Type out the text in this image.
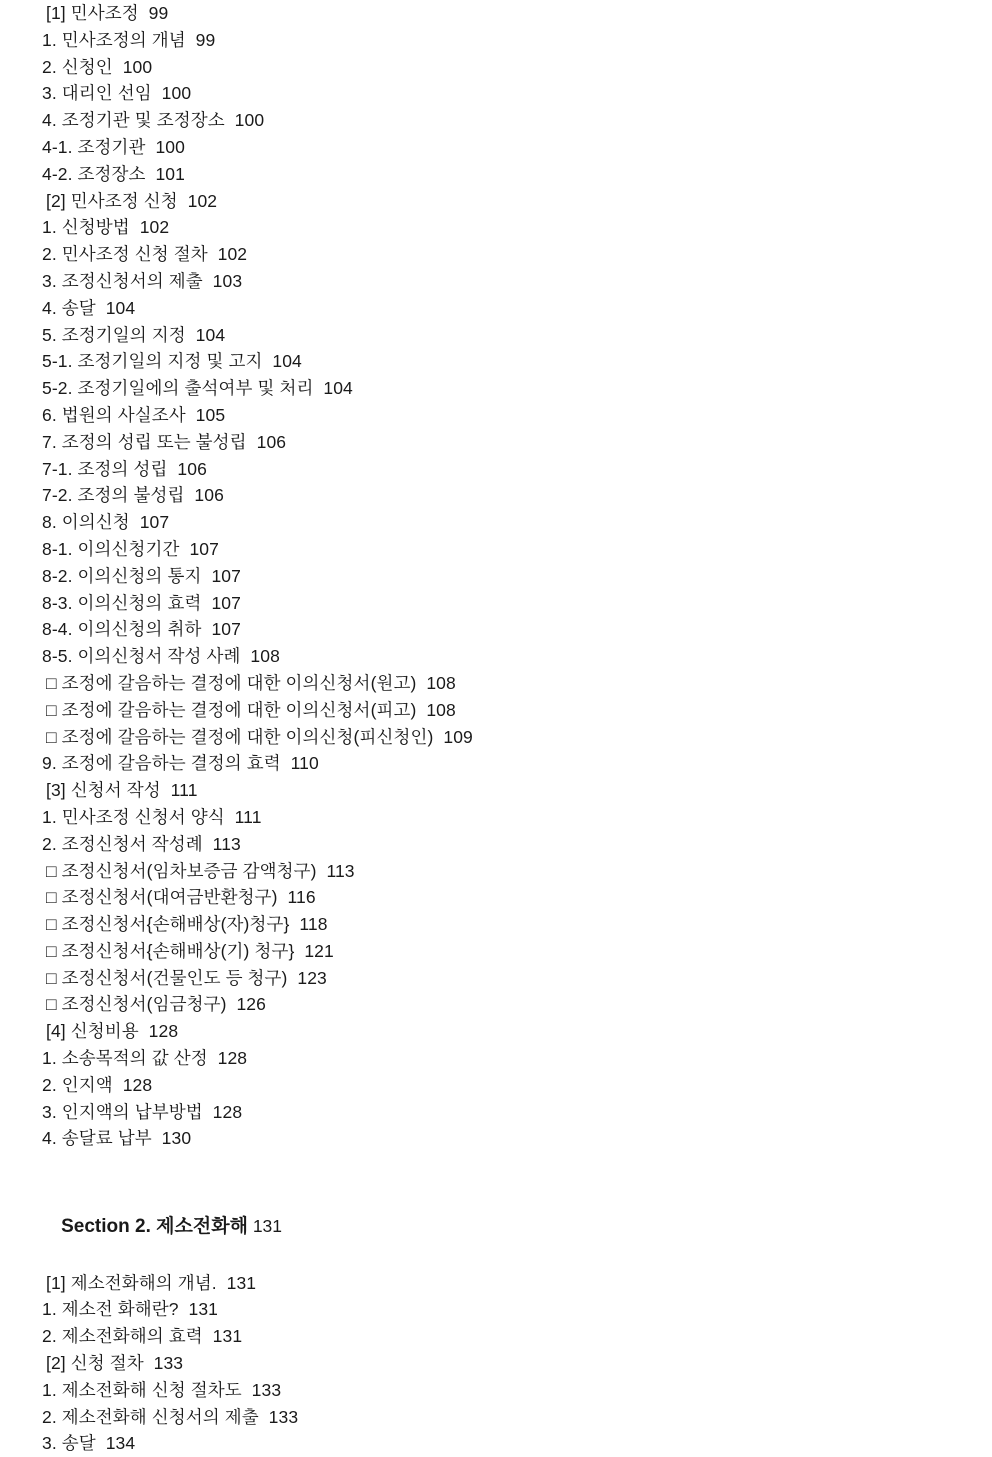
[1] 민사조정  99
1. 민사조정의 개념  99
2. 신청인  100
3. 대리인 선임  100
4. 조정기관 및 조정장소  100
4-1. 조정기관  100
4-2. 조정장소  101
[2] 민사조정 신청  102
1. 신청방법  102
2. 민사조정 신청 절차  102
3. 조정신청서의 제출  103
4. 송달  104
5. 조정기일의 지정  104
5-1. 조정기일의 지정 및 고지  104
5-2. 조정기일에의 출석여부 및 처리  104
6. 법원의 사실조사  105
7. 조정의 성립 또는 불성립  106
7-1. 조정의 성립  106
7-2. 조정의 불성립  106
8. 이의신청  107
8-1. 이의신청기간  107
8-2. 이의신청의 통지  107
8-3. 이의신청의 효력  107
8-4. 이의신청의 취하  107
8-5. 이의신청서 작성 사례  108
□ 조정에 갈음하는 결정에 대한 이의신청서(원고)  108
□ 조정에 갈음하는 결정에 대한 이의신청서(피고)  108
□ 조정에 갈음하는 결정에 대한 이의신청(피신청인)  109
9. 조정에 갈음하는 결정의 효력  110
[3] 신청서 작성  111
1. 민사조정 신청서 양식  111
2. 조정신청서 작성례  113
□ 조정신청서(임차보증금 감액청구)  113
□ 조정신청서(대여금반환청구)  116
□ 조정신청서{손해배상(자)청구}  118
□ 조정신청서{손해배상(기) 청구}  121
□ 조정신청서(건물인도 등 청구)  123
□ 조정신청서(임금청구)  126
[4] 신청비용  128
1. 소송목적의 값 산정  128
2. 인지액  128
3. 인지액의 납부방법  128
4. 송달료 납부  130

Section 2. 제소전화해 131

[1] 제소전화해의 개념.  131
1. 제소전 화해란?  131
2. 제소전화해의 효력  131
[2] 신청 절차  133
1. 제소전화해 신청 절차도  133
2. 제소전화해 신청서의 제출  133
3. 송달  134
